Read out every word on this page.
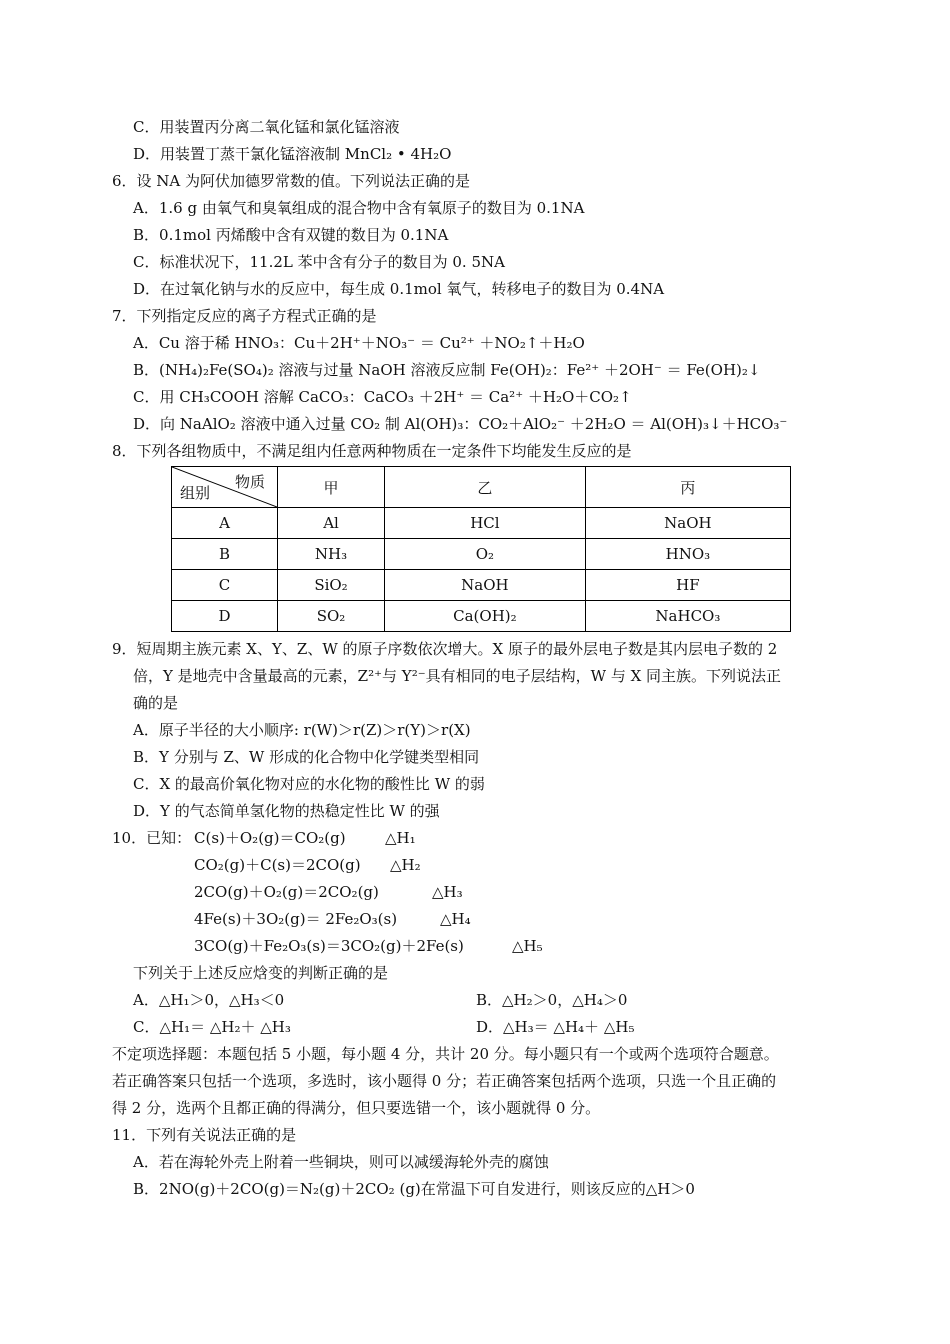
C．用装置丙分离二氧化锰和氯化锰溶液
D．用装置丁蒸干氯化锰溶液制 MnCl₂ • 4H₂O
6．设 NA 为阿伏加德罗常数的值。下列说法正确的是
A．1.6 g 由氧气和臭氧组成的混合物中含有氧原子的数目为 0.1NA
B．0.1mol 丙烯酸中含有双键的数目为 0.1NA
C．标准状况下，11.2L 苯中含有分子的数目为 0. 5NA
D．在过氧化钠与水的反应中，每生成 0.1mol 氧气，转移电子的数目为 0.4NA
7．下列指定反应的离子方程式正确的是
A．Cu 溶于稀 HNO₃：Cu＋2H⁺＋NO₃⁻ ＝ Cu²⁺ ＋NO₂↑＋H₂O
B．(NH₄)₂Fe(SO₄)₂ 溶液与过量 NaOH 溶液反应制 Fe(OH)₂：Fe²⁺ ＋2OH⁻ ＝ Fe(OH)₂↓
C．用 CH₃COOH 溶解 CaCO₃：CaCO₃ ＋2H⁺ ＝ Ca²⁺ ＋H₂O＋CO₂↑
D．向 NaAlO₂ 溶液中通入过量 CO₂ 制 Al(OH)₃：CO₂＋AlO₂⁻ ＋2H₂O ＝ Al(OH)₃↓＋HCO₃⁻
8．下列各组物质中，不满足组内任意两种物质在一定条件下均能发生反应的是
物质
组别	甲	乙	丙
A	Al	HCl	NaOH
B	NH₃	O₂	HNO₃
C	SiO₂	NaOH	HF
D	SO₂	Ca(OH)₂	NaHCO₃
9．短周期主族元素 X、Y、Z、W 的原子序数依次增大。X 原子的最外层电子数是其内层电子数的 2
倍，Y 是地壳中含量最高的元素，Z²⁺与 Y²⁻具有相同的电子层结构，W 与 X 同主族。下列说法正
确的是
A．原子半径的大小顺序: r(W)＞r(Z)＞r(Y)＞r(X)
B．Y 分别与 Z、W 形成的化合物中化学键类型相同
C．X 的最高价氧化物对应的水化物的酸性比 W 的弱
D．Y 的气态简单氢化物的热稳定性比 W 的强
10．已知： C(s)＋O₂(g)＝CO₂(g)	△H₁
CO₂(g)＋C(s)＝2CO(g) △H₂
2CO(g)＋O₂(g)＝2CO₂(g)	△H₃
4Fe(s)＋3O₂(g)＝ 2Fe₂O₃(s)	△H₄
3CO(g)＋Fe₂O₃(s)＝3CO₂(g)＋2Fe(s)	△H₅
下列关于上述反应焓变的判断正确的是
A．△H₁＞0，△H₃＜0	B．△H₂＞0，△H₄＞0
C．△H₁＝ △H₂＋ △H₃	D．△H₃＝ △H₄＋ △H₅
不定项选择题：本题包括 5 小题，每小题 4 分，共计 20 分。每小题只有一个或两个选项符合题意。
若正确答案只包括一个选项，多选时，该小题得 0 分；若正确答案包括两个选项，只选一个且正确的
得 2 分，选两个且都正确的得满分，但只要选错一个，该小题就得 0 分。
11．下列有关说法正确的是
A．若在海轮外壳上附着一些铜块，则可以减缓海轮外壳的腐蚀
B．2NO(g)＋2CO(g)＝N₂(g)＋2CO₂ (g)在常温下可自发进行，则该反应的△H＞0
